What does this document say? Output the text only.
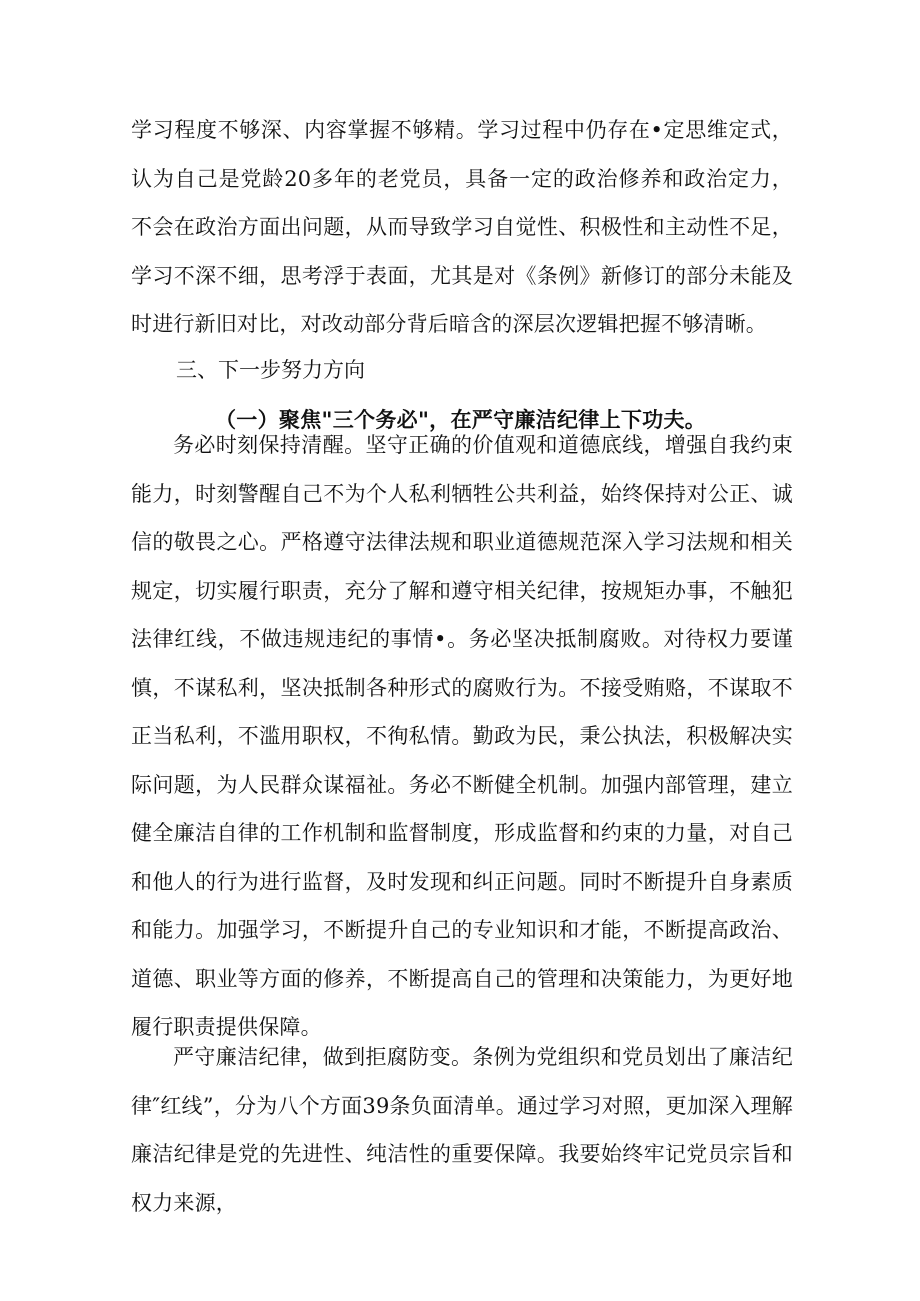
学习程度不够深、内容掌握不够精。学习过程中仍存在•定思维定式，认为自己是党龄20多年的老党员，具备一定的政治修养和政治定力，不会在政治方面出问题，从而导致学习自觉性、积极性和主动性不足，学习不深不细，思考浮于表面，尤其是对《条例》新修订的部分未能及时进行新旧对比，对改动部分背后暗含的深层次逻辑把握不够清晰。

三、下一步努力方向
（一）聚焦"三个务必"，在严守廉洁纪律上下功夫。

务必时刻保持清醒。坚守正确的价值观和道德底线，增强自我约束能力，时刻警醒自己不为个人私利牺牲公共利益，始终保持对公正、诚信的敬畏之心。严格遵守法律法规和职业道德规范深入学习法规和相关规定，切实履行职责，充分了解和遵守相关纪律，按规矩办事，不触犯法律红线，不做违规违纪的事情•。务必坚决抵制腐败。对待权力要谨慎，不谋私利，坚决抵制各种形式的腐败行为。不接受贿赂，不谋取不正当私利，不滥用职权，不徇私情。勤政为民，秉公执法，积极解决实际问题，为人民群众谋福祉。务必不断健全机制。加强内部管理，建立健全廉洁自律的工作机制和监督制度，形成监督和约束的力量，对自己和他人的行为进行监督，及时发现和纠正问题。同时不断提升自身素质和能力。加强学习，不断提升自己的专业知识和才能，不断提高政治、道德、职业等方面的修养，不断提高自己的管理和决策能力，为更好地履行职责提供保障。

严守廉洁纪律，做到拒腐防变。条例为党组织和党员划出了廉洁纪律″红线”，分为八个方面39条负面清单。通过学习对照，更加深入理解廉洁纪律是党的先进性、纯洁性的重要保障。我要始终牢记党员宗旨和权力来源，
